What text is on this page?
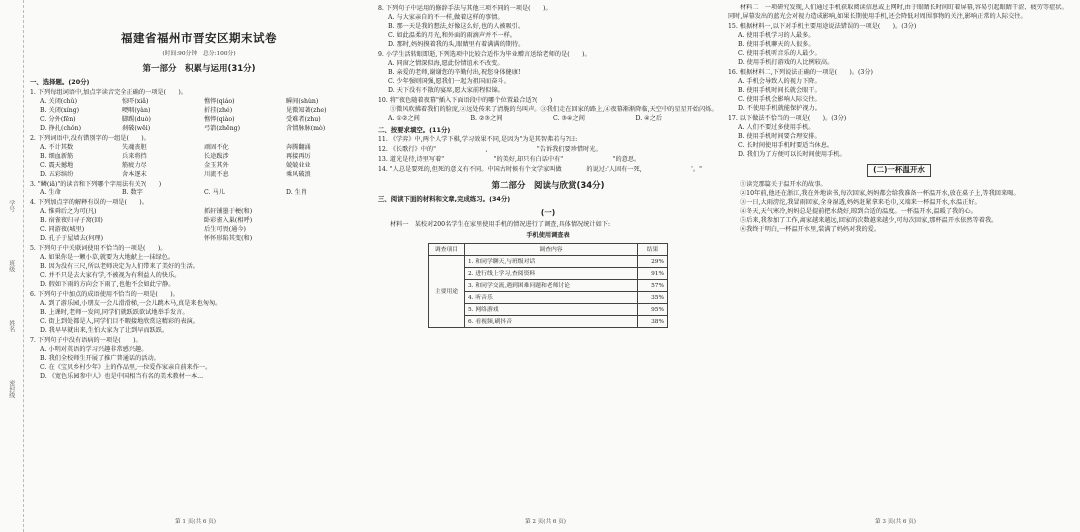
学号
班级
姓名
密封线
福建省福州市晋安区期末试卷
(时间:90分钟　总分:100分)
第一部分　积累与运用(31分)
一、选择题。(20分)
1. 下列每组词语中,加点字读音完全正确的一项是(　　)。
A. 关闭(chǔ)	惊吓(xiǎ)	憔悴(qiáo)	瞬间(shùn)
B. 关闭(xíng)	哽咽(yàn)	折挂(zhé)	见微知著(zhe)
C. 分外(fēn)	脚踢(duò)	憔悴(qiào)	受难者(zhu)
D. 挣扎(chǒn)	刹破(wēi)	弓箭(zhēng)	含情脉脉(mò)
2. 下列词语中,没有错别字的一组是(　　)。
A. 不计其数	失魂丧胆	顽固不化	奔腾翻涌
B. 细血新筋	兵来将挡	长途跋涉	再接再厉
C. 震天撼地	筋疲力尽	金玉其外	兢兢业业
D. 五彩缤纷	舍本逐末	川流不息	乘风破浪
3. "鳞(iǎ)"的读音和下列哪个字用法有关?(　　)
A. 生命	B. 数字	C. 马儿	D. 生肖
4. 下列加点字的解释有误的一项是(　　)。
A. 惟舜后之为可(凡)	抓轩铺墨于梗(和)
B. 宿雀夜归寻子窝(回)	卧彩雀入巢(相呼)
C. 同游夜(城里)	后生可畏(通今)
D. 孔子于屋墙去(何理)	怀怀形陷其变(和)
5. 下列句子中关联词使用不恰当的一项是(　　)。
A. 如果你是一颗小草,就要为大地献上一抹绿色。
B. 因为没有三尺,所以老师决定为人们带来了美好的生活。
C. 并不只是去大家有学,不被视为有利益人的快乐。
D. 假如下雨的方向会下雨了,也他不会如此宁静。
6. 下列句子中加点的成语使用不恰当的一项是(　　)。
A. 到了游乐园,小朋友一会儿滑滑梯,一会儿跳木马,真是来也匆匆。
B. 上课时,老师一发问,同学们就跃跃欲试地举手发言。
C. 街上到处都是人,同学们目不暇接地欣赏这精彩的表演。
D. 我早早就出来,生怕大家为了让到早而跃跃。
7. 下列句子中没有语病的一项是(　　)。
A. 小明对英语的学习兴趣非常感兴趣。
B. 我们全校师生开展了推广普通话的活动。
C. 在《宝贝乡村少年》上的作品里,一位爱作家亲自前来作一。
D. 《宽色乐园参中人》也是中国相当有名的美术教材一本...
第 1 页(共 6 页)
8. 下列句子中运用的修辞手法与其他三项不同的一项是(　　)。
A. 与大家亲自的不一样,做着这样的事情。
B. 那一天是我的想法,好像这么好,也的人被吸引。
C. 如此温柔的月光,和外面的雨滴声并不一样。
D. 那时,妈妈摸着我的头,眼睛里有着满满的期待。
9. 小学生活转眼即逝,下列选项中比较合适作为毕业赠言送给老师的是(　　)。
A. 同窗之情深似海,愿此份情谊永不改变。
B. 亲爱的老师,谢谢您的辛勤付出,祝您身体健康!
C. 少年强则国强,愿我们一起为祖国而奋斗。
D. 天下没有不散的宴席,愿大家前程似锦。
10. 将"夜色随着夜幕"插入下面语段中的哪个位置最合适?(　　)
①微风吹拂着我们的脸庞,②远处传来了清脆的鸟叫声。③我们走在回家的路上,④夜幕渐渐降临,天空中的星星开始闪烁。
A. ①②之间	B. ②③之间	C. ③④之间	D. ④之后
二、按要求填空。(11分)
11. 《学弈》中,两个人学下棋,学习效果不同,是因为"为是其智弗若与?曰:
12. 《长歌行》中的"　　　　　　　　,　　　　　　　　"告诉我们要珍惜时光。
13. 道光是待,诗里写着"　　　　　　　　"的美好,却只有白话中有"　　　　　　　　"的意思。
14. "人总是要死的,但死的意义有不同。中国古时候有个文学家叫做　　　　的说过:'人固有一死,　　　　　　　　'。"
第二部分　阅读与欣赏(34分)
三、阅读下面的材料和文章,完成练习。(34分)
(一)
材料一　某校对200名学生在家里使用手机的情况进行了调查,具体情况统计如下:
手机使用调查表
调查项目	调查内容	结果
主要用途	1. 和同学聊天,与班级对话	29%
	2. 进行线上学习,查阅资料	91%
	3. 和同学交流,遇到困难问题和老师讨论	57%
	4. 听音乐	35%
	5. 网络游戏	95%
	6. 看视频,刷抖音	38%
第 2 页(共 6 页)
材料二　一项研究发现,人们通过手机获取阅读信息或上网时,由于眼睛长时间盯着屏幕,容易引起眼睛干涩、疲劳等症状。同时,屏幕发出的蓝光会对视力造成影响,如果长期使用手机,还会降低对周围事物的关注,影响正常的人际交往。
15. 根据材料一,以下对手机主要用途说法错误的一项是(　　)。(3分)
A. 使用手机学习的人最多。
B. 使用手机聊天的人很多。
C. 使用手机听音乐的人最少。
D. 使用手机打游戏的人比例较高。
16. 根据材料二,下列说法正确的一项是(　　)。(3分)
A. 手机会导致人的视力下降。
B. 使用手机时间长就会眼干。
C. 使用手机会影响人际交往。
D. 不使用手机就能保护视力。
17. 以下做法不恰当的一项是(　　)。(3分)
A. 人们不要过多使用手机。
B. 使用手机时间要合理安排。
C. 长时间使用手机时要适当休息。
D. 我们为了方便可以长时间使用手机。
(二)一杯温开水
①读完那篇关于温开水的故事。
②10年前,他还在浙江,我在外地读书,每次回家,妈妈都会给我准备一杯温开水,放在桌子上,等我回来喝。
③一日,大雨滂沱,我冒雨回家,全身湿透,妈妈赶紧拿来毛巾,又端来一杯温开水,水温正好。
④冬天,天气寒冷,妈妈总是提前把水烧好,晾到合适的温度。一杯温开水,温暖了我的心。
⑤后来,我参加了工作,离家越来越远,回家的次数越来越少,可每次回家,那杯温开水依然等着我。
⑥我终于明白,一杯温开水里,装满了妈妈对我的爱。
第 3 页(共 6 页)
